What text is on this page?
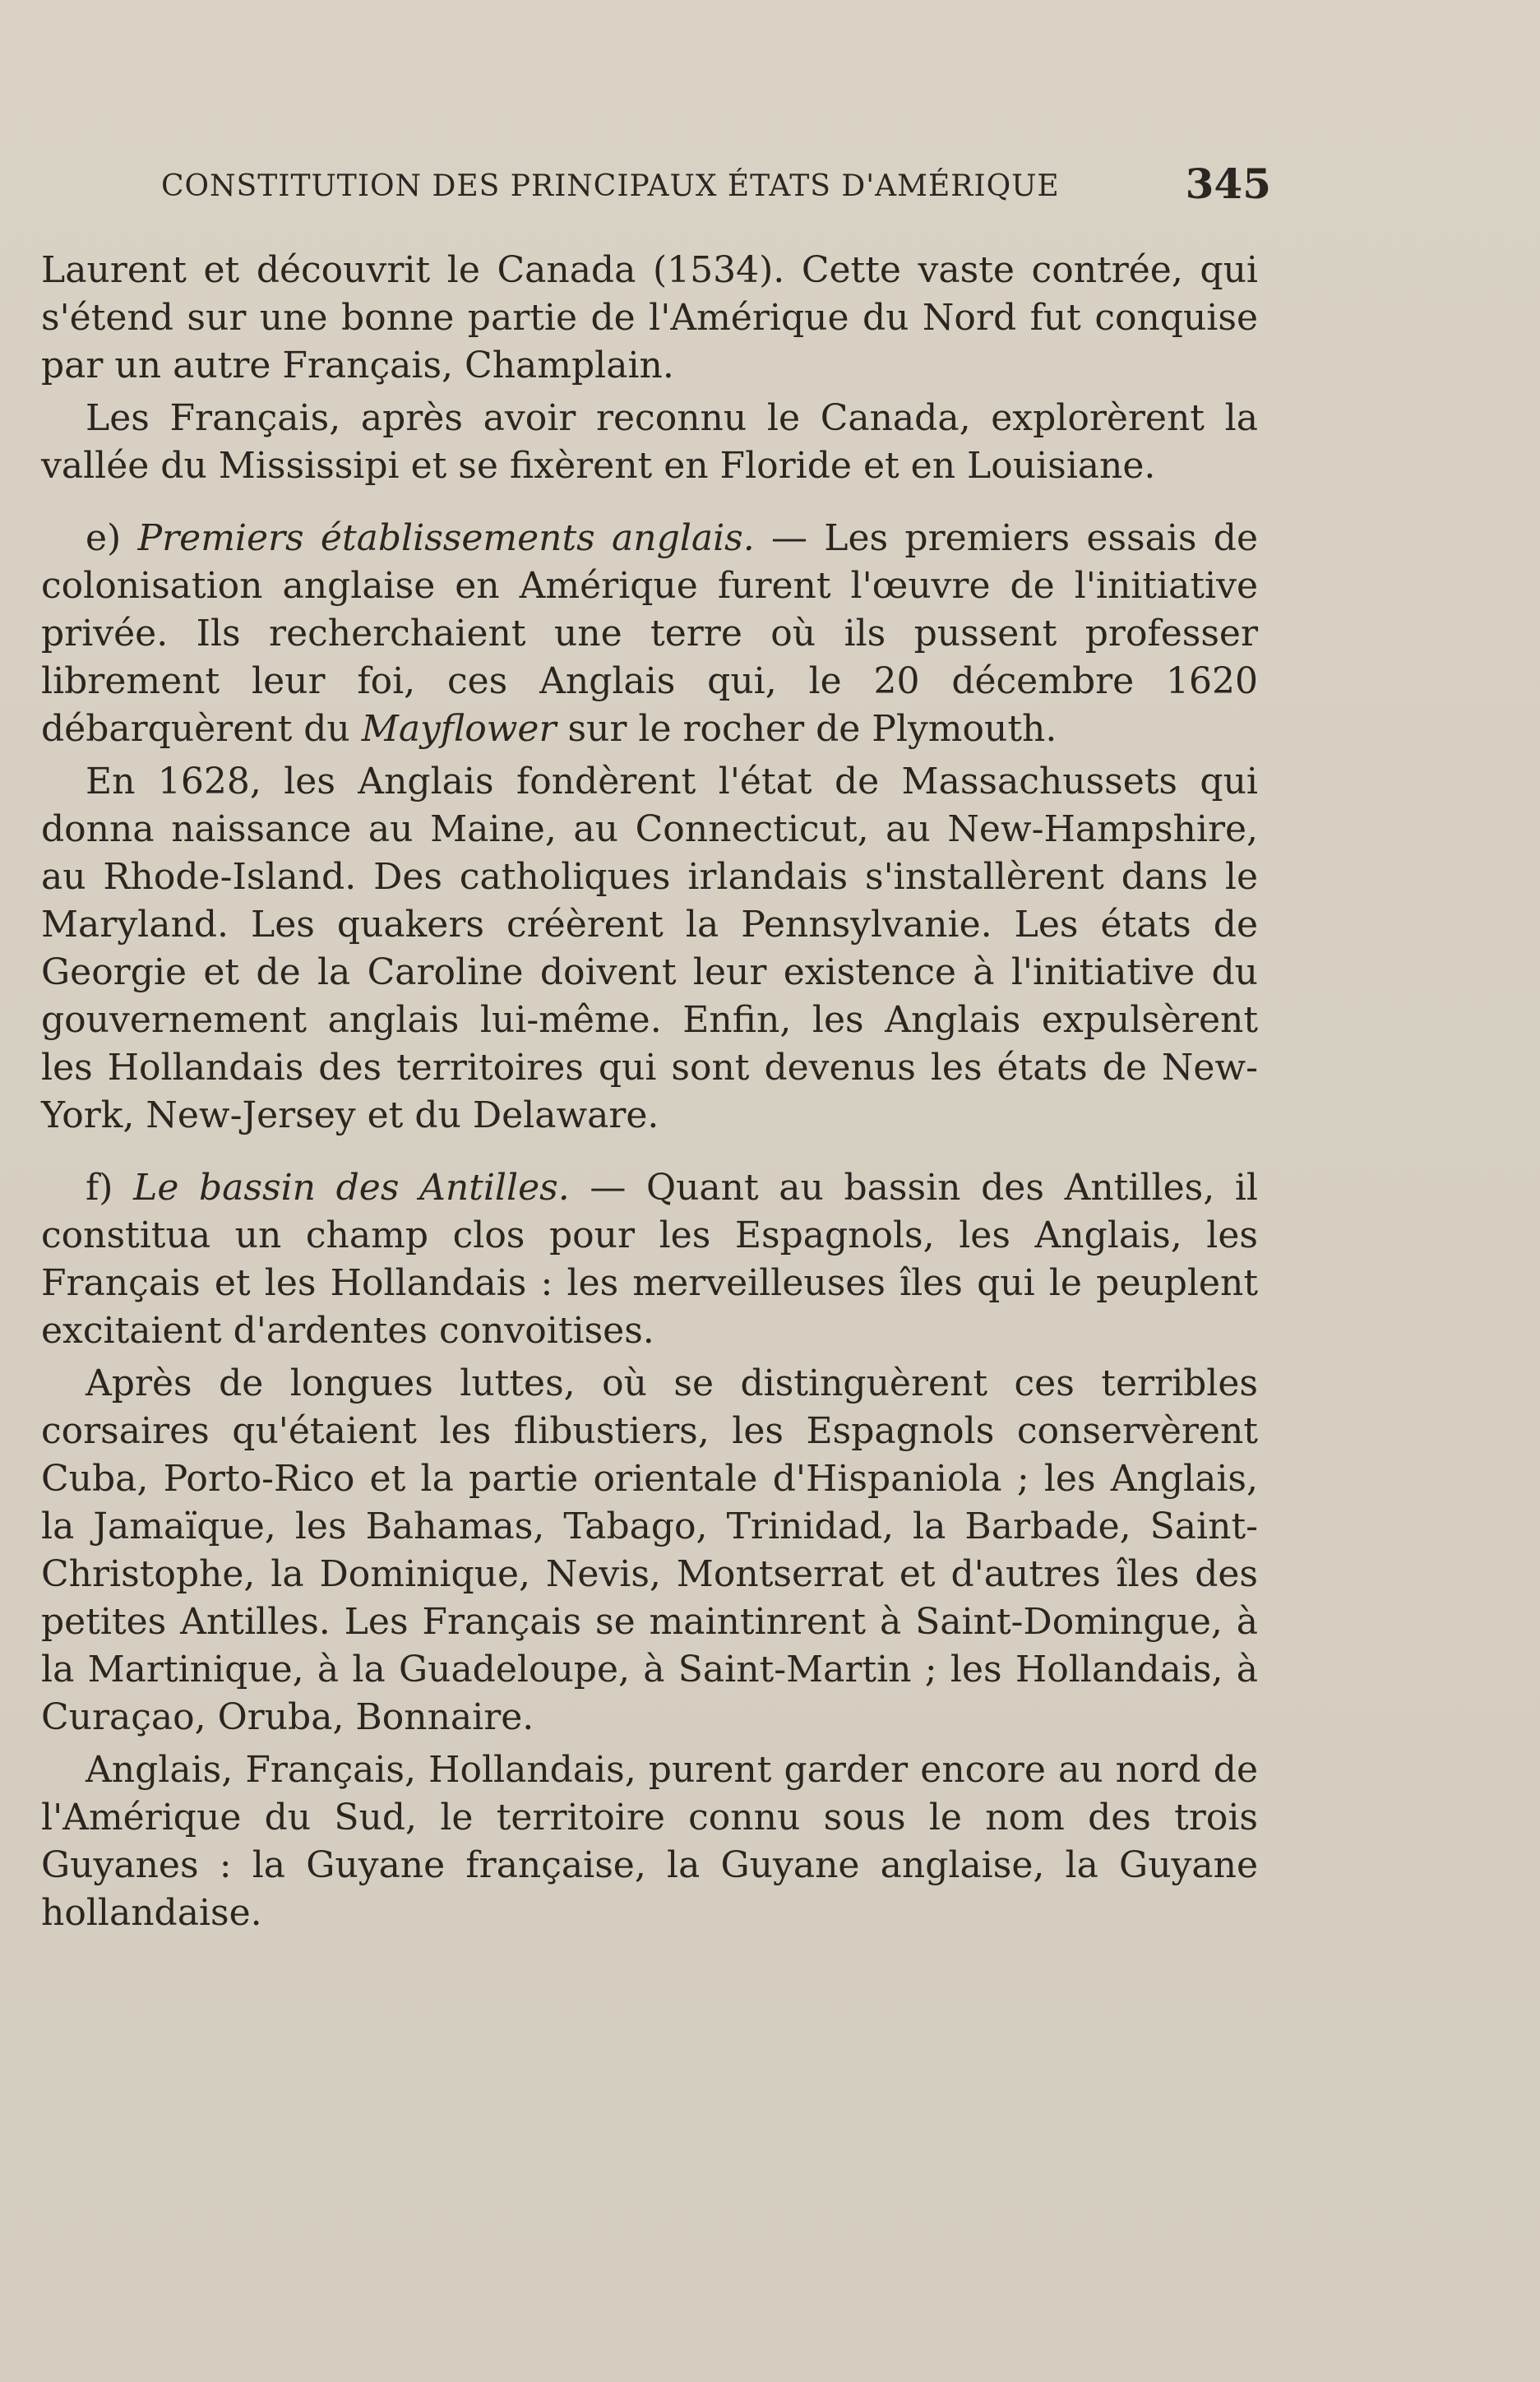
CONSTITUTION DES PRINCIPAUX ÉTATS D'AMÉRIQUE	345

Laurent et découvrit le Canada (1534). Cette vaste contrée, qui s'étend sur une bonne partie de l'Amérique du Nord fut conquise par un autre Français, Champlain.

Les Français, après avoir reconnu le Canada, explorèrent la vallée du Mississipi et se fixèrent en Floride et en Louisiane.

e) Premiers établissements anglais. — Les premiers essais de colonisation anglaise en Amérique furent l'œuvre de l'initiative privée. Ils recherchaient une terre où ils pussent professer librement leur foi, ces Anglais qui, le 20 décembre 1620 débarquèrent du Mayflower sur le rocher de Plymouth.

En 1628, les Anglais fondèrent l'état de Massachussets qui donna naissance au Maine, au Connecticut, au New-Hampshire, au Rhode-Island. Des catholiques irlandais s'installèrent dans le Maryland. Les quakers créèrent la Pennsylvanie. Les états de Georgie et de la Caroline doivent leur existence à l'initiative du gouvernement anglais lui-même. Enfin, les Anglais expulsèrent les Hollandais des territoires qui sont devenus les états de New-York, New-Jersey et du Delaware.

f) Le bassin des Antilles. — Quant au bassin des Antilles, il constitua un champ clos pour les Espagnols, les Anglais, les Français et les Hollandais : les merveilleuses îles qui le peuplent excitaient d'ardentes convoitises.

Après de longues luttes, où se distinguèrent ces terribles corsaires qu'étaient les flibustiers, les Espagnols conservèrent Cuba, Porto-Rico et la partie orientale d'Hispaniola ; les Anglais, la Jamaïque, les Bahamas, Tabago, Trinidad, la Barbade, Saint-Christophe, la Dominique, Nevis, Montserrat et d'autres îles des petites Antilles. Les Français se maintinrent à Saint-Domingue, à la Martinique, à la Guadeloupe, à Saint-Martin ; les Hollandais, à Curaçao, Oruba, Bonnaire.

Anglais, Français, Hollandais, purent garder encore au nord de l'Amérique du Sud, le territoire connu sous le nom des trois Guyanes : la Guyane française, la Guyane anglaise, la Guyane hollandaise.
